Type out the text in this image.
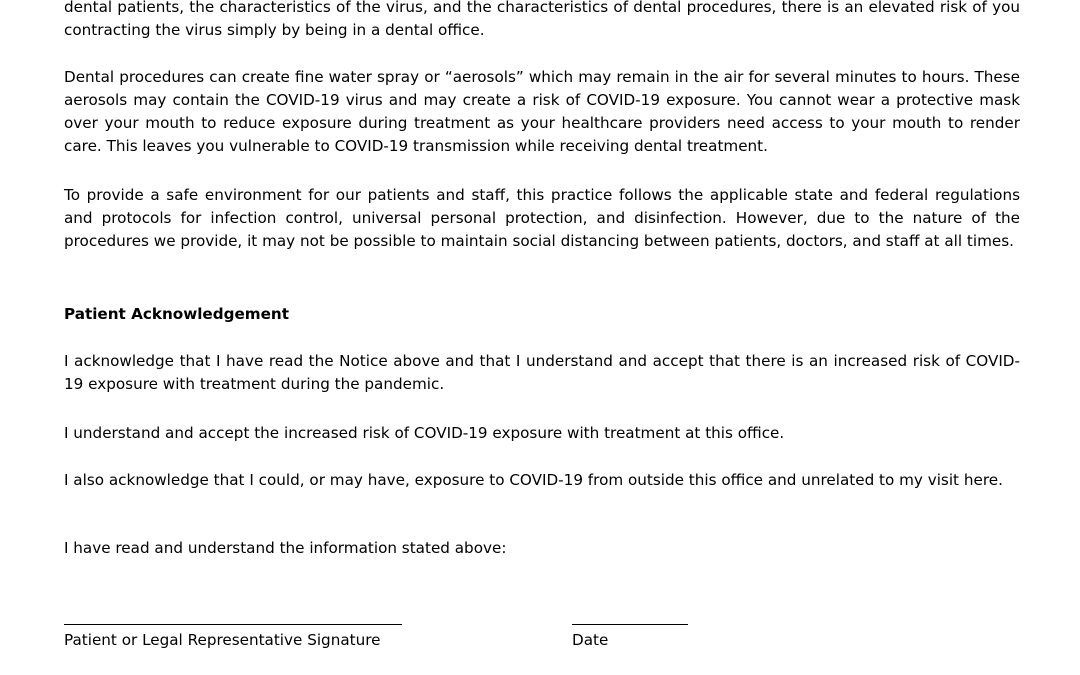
dental patients, the characteristics of the virus, and the characteristics of dental procedures, there is an elevated risk of you contracting the virus simply by being in a dental office.

Dental procedures can create fine water spray or “aerosols” which may remain in the air for several minutes to hours. These aerosols may contain the COVID-19 virus and may create a risk of COVID-19 exposure. You cannot wear a protective mask over your mouth to reduce exposure during treatment as your healthcare providers need access to your mouth to render care. This leaves you vulnerable to COVID-19 transmission while receiving dental treatment.

To provide a safe environment for our patients and staff, this practice follows the applicable state and federal regulations and protocols for infection control, universal personal protection, and disinfection. However, due to the nature of the procedures we provide, it may not be possible to maintain social distancing between patients, doctors, and staff at all times.

Patient Acknowledgement

I acknowledge that I have read the Notice above and that I understand and accept that there is an increased risk of COVID-19 exposure with treatment during the pandemic.

I understand and accept the increased risk of COVID-19 exposure with treatment at this office.

I also acknowledge that I could, or may have, exposure to COVID-19 from outside this office and unrelated to my visit here.

I have read and understand the information stated above:

Patient or Legal Representative Signature	Date
